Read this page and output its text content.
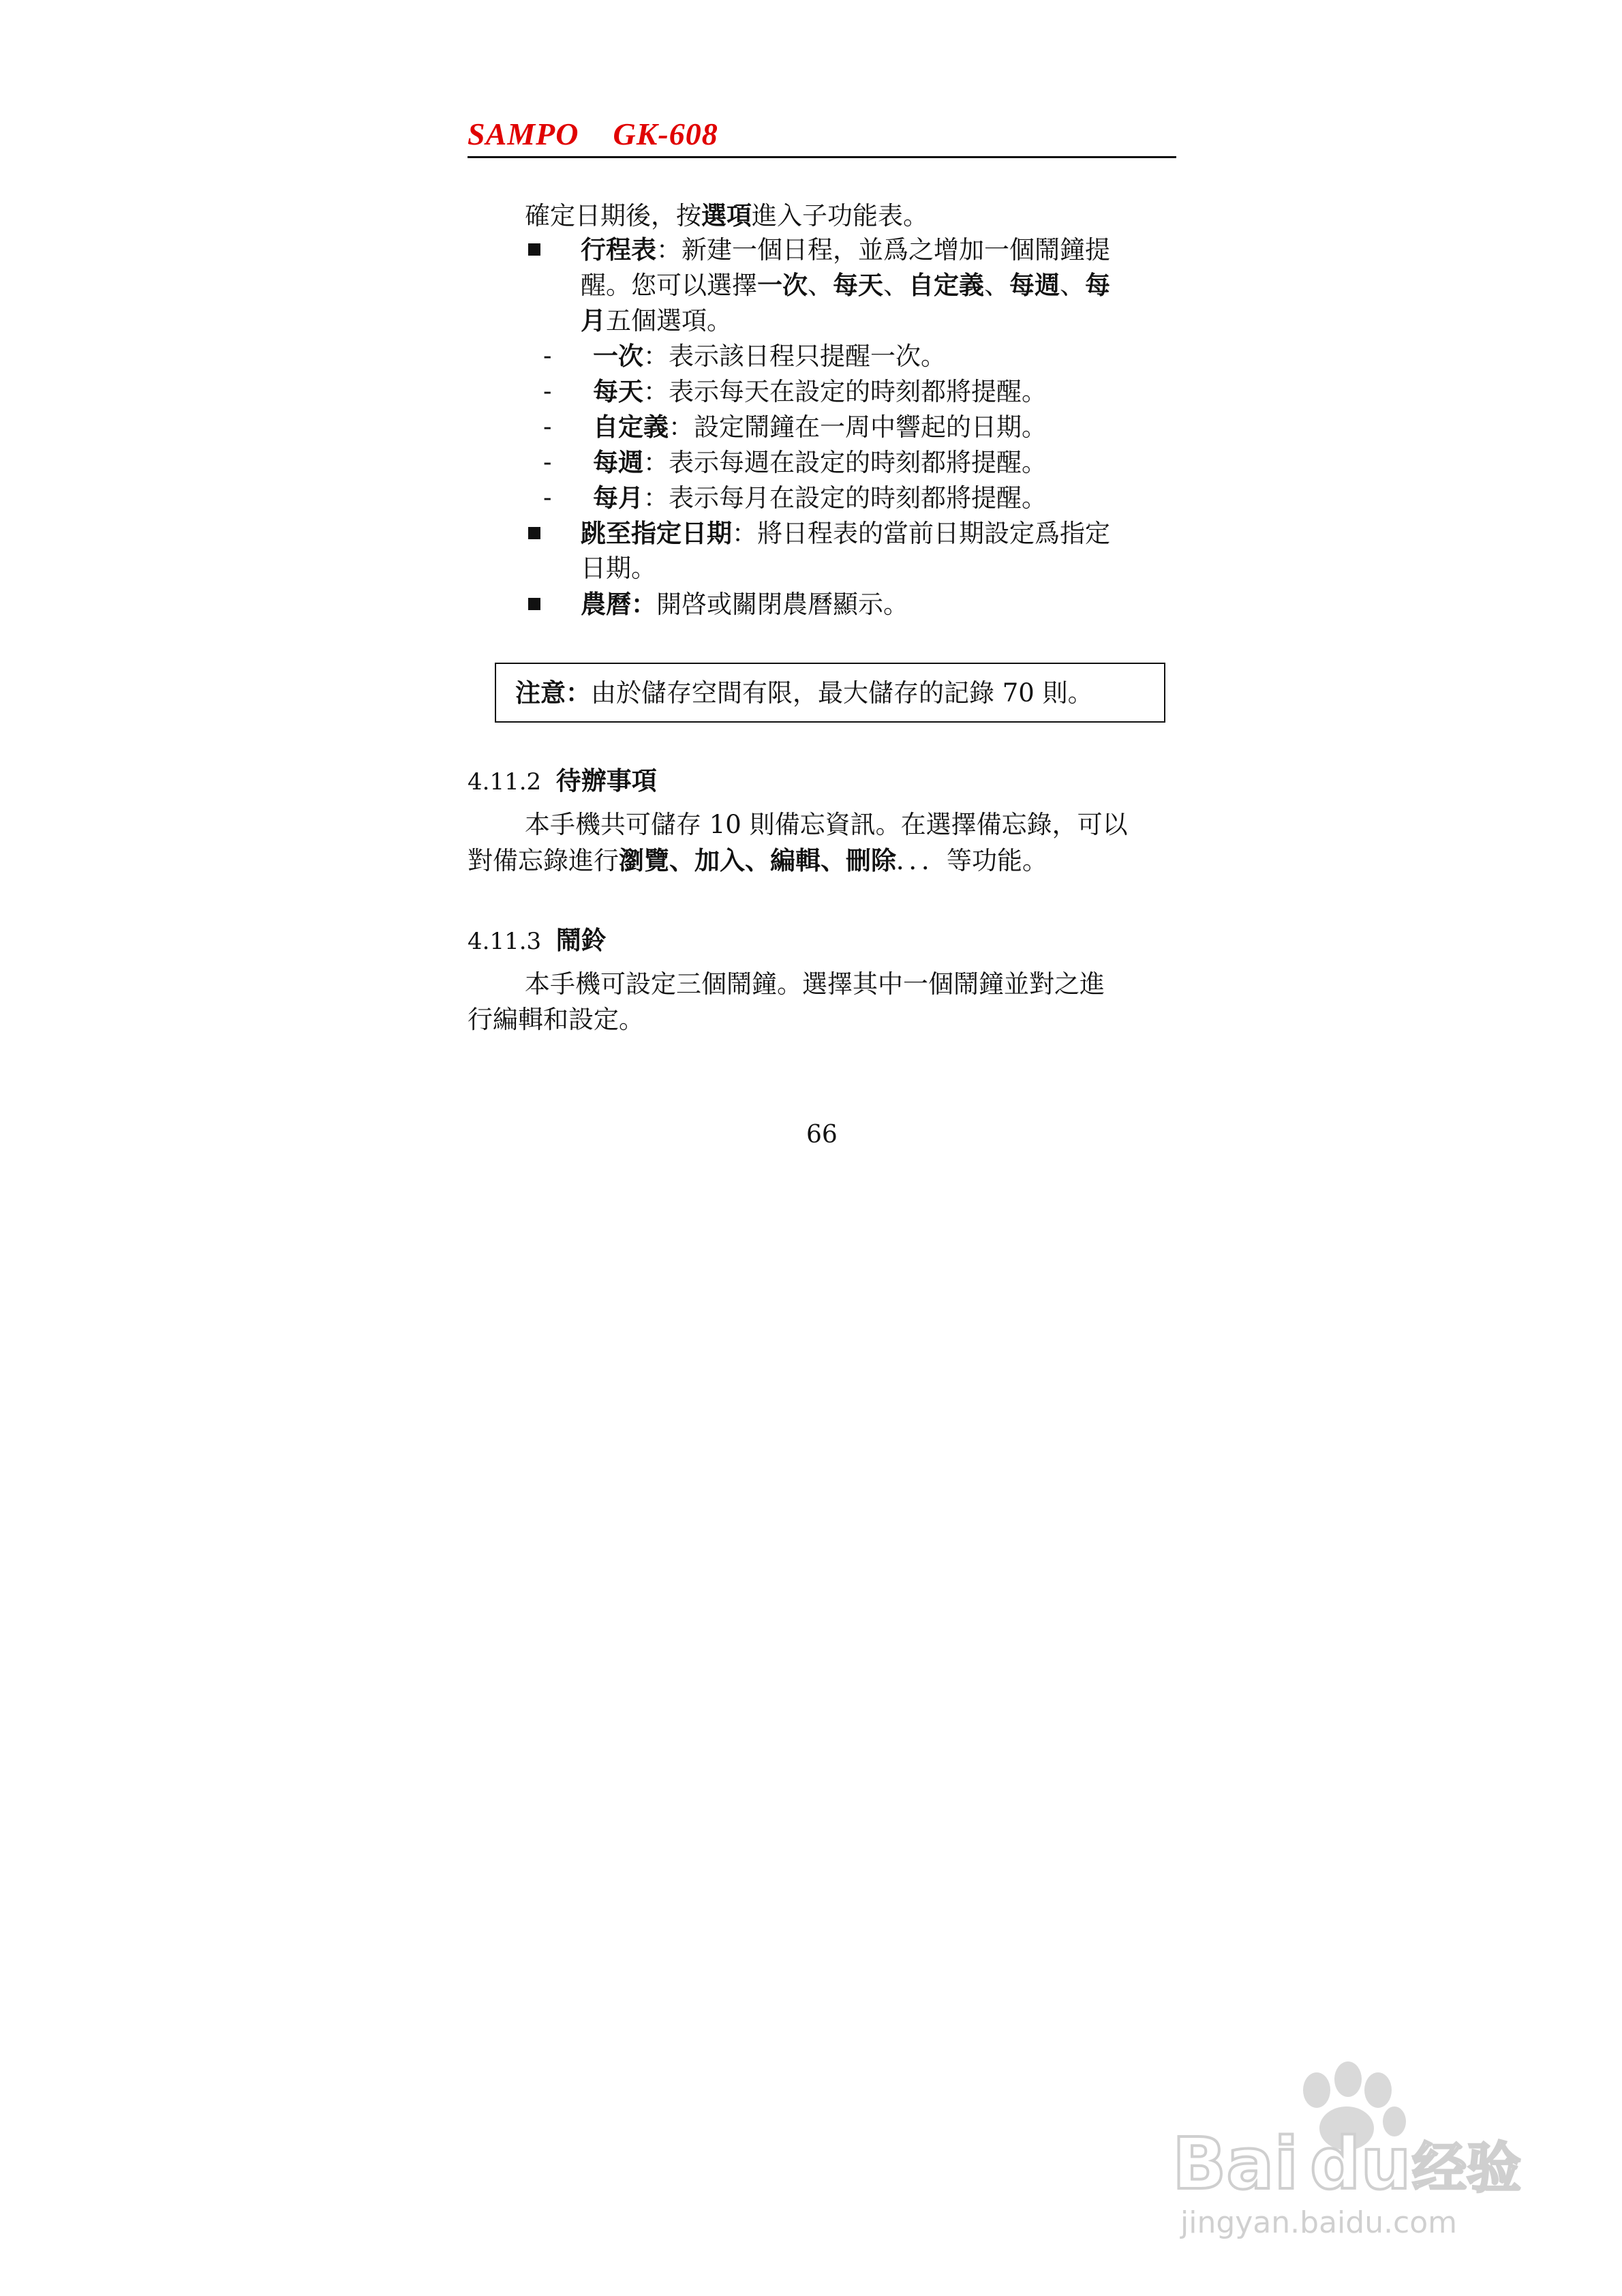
SAMPO    GK-608
確定日期後，按選項進入子功能表。
行程表：新建一個日程，並爲之增加一個鬧鐘提
醒。您可以選擇一次、每天、自定義、每週、每
月五個選項。
- 一次：表示該日程只提醒一次。
- 每天：表示每天在設定的時刻都將提醒。
- 自定義：設定鬧鐘在一周中響起的日期。
- 每週：表示每週在設定的時刻都將提醒。
- 每月：表示每月在設定的時刻都將提醒。
跳至指定日期：將日程表的當前日期設定爲指定
日期。
農曆：開啓或關閉農曆顯示。
注意：由於儲存空間有限，最大儲存的記錄 70 則。
4.11.2 待辦事項
本手機共可儲存 10 則備忘資訊。在選擇備忘錄，可以
對備忘錄進行瀏覽、加入、編輯、刪除．．．等功能。
4.11.3 鬧鈴
本手機可設定三個鬧鐘。選擇其中一個鬧鐘並對之進
行編輯和設定。
66
Bai du 经验
jingyan.baidu.com
